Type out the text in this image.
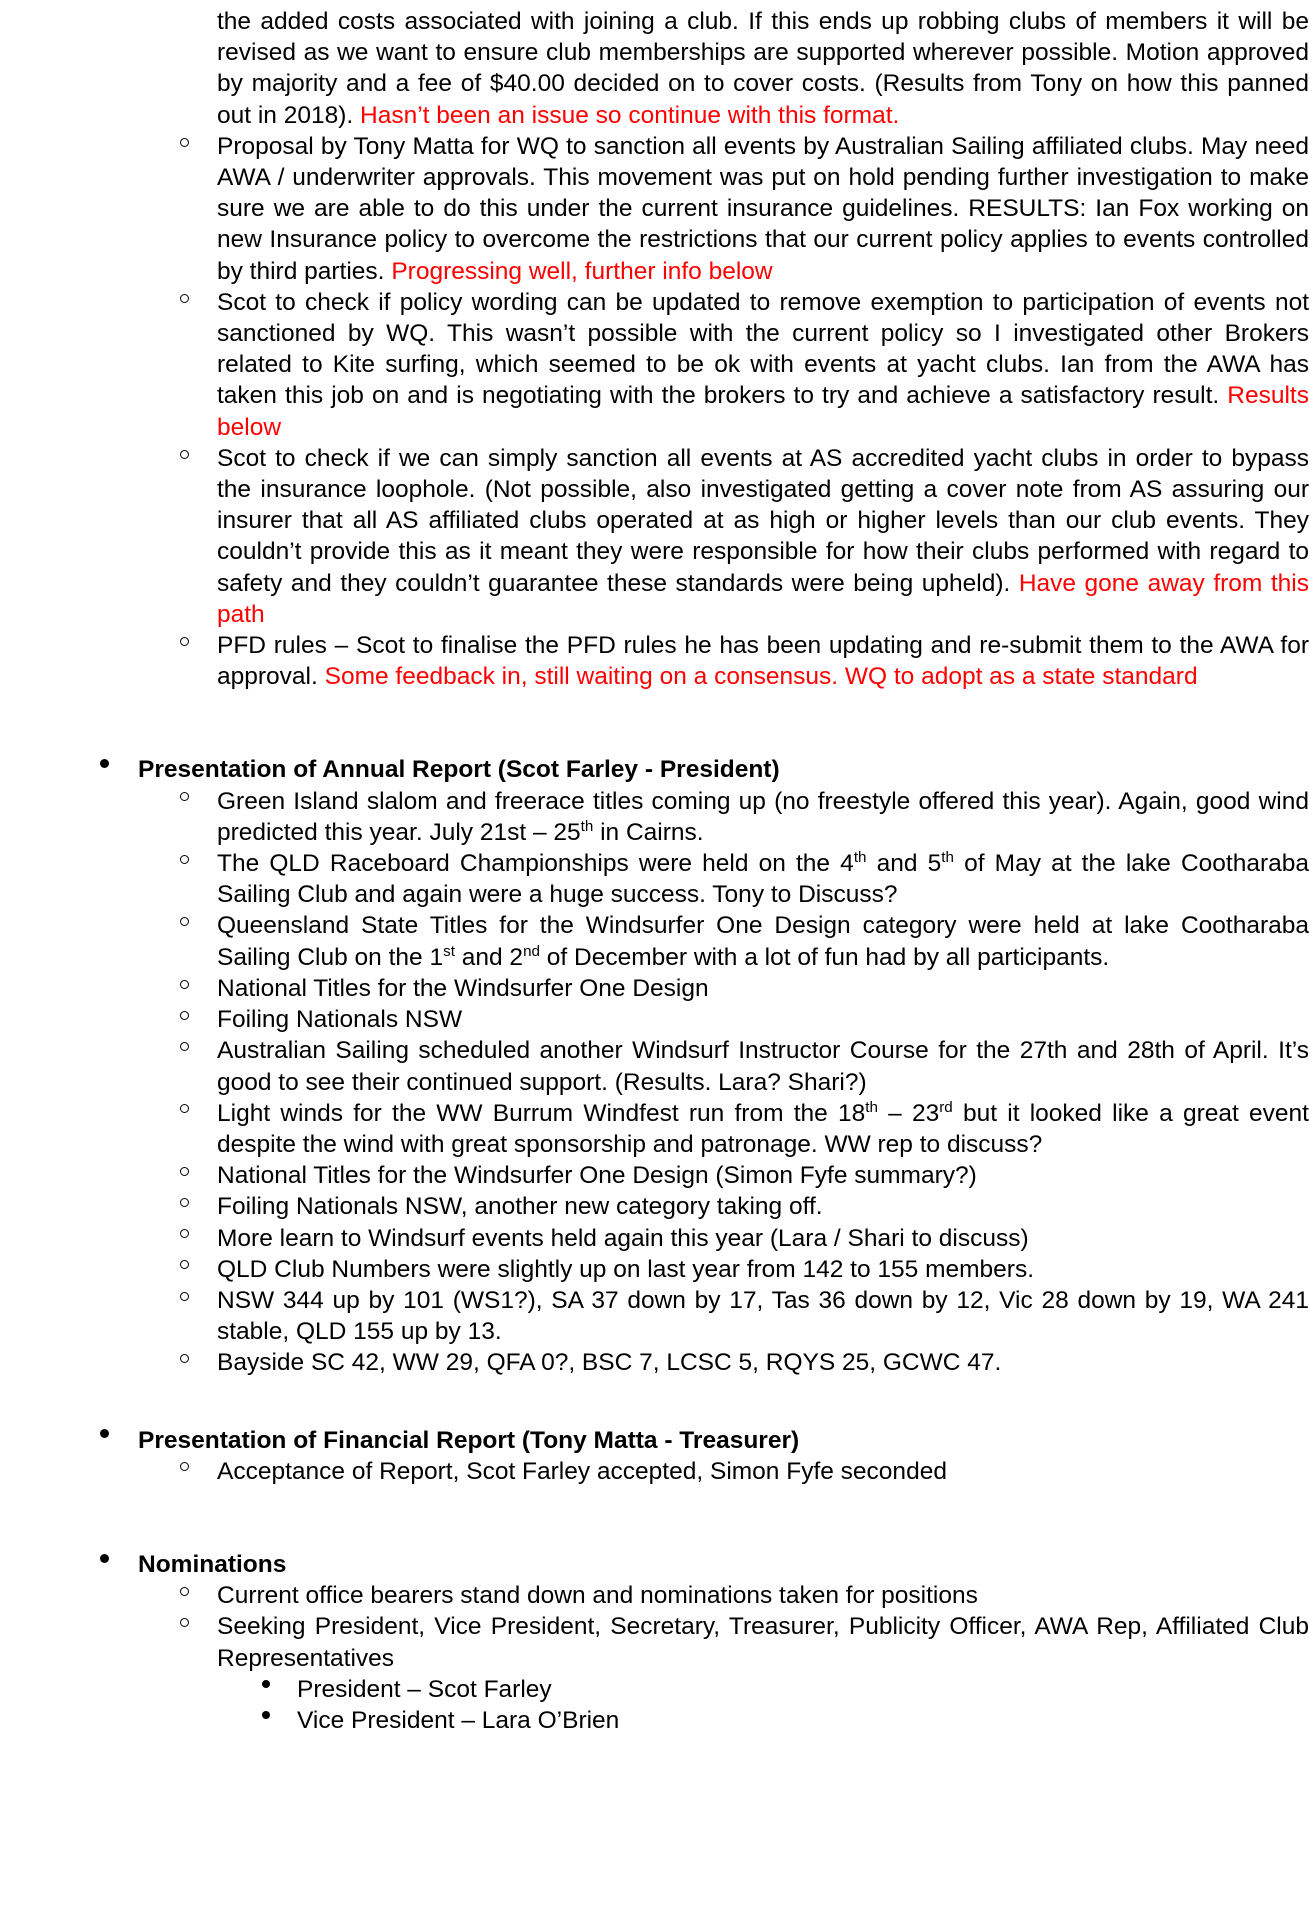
the added costs associated with joining a club. If this ends up robbing clubs of members it will be revised as we want to ensure club memberships are supported wherever possible. Motion approved by majority and a fee of $40.00 decided on to cover costs. (Results from Tony on how this panned out in 2018). Hasn’t been an issue so continue with this format.

Proposal by Tony Matta for WQ to sanction all events by Australian Sailing affiliated clubs. May need AWA / underwriter approvals. This movement was put on hold pending further investigation to make sure we are able to do this under the current insurance guidelines. RESULTS: Ian Fox working on new Insurance policy to overcome the restrictions that our current policy applies to events controlled by third parties. Progressing well, further info below

Scot to check if policy wording can be updated to remove exemption to participation of events not sanctioned by WQ. This wasn’t possible with the current policy so I investigated other Brokers related to Kite surfing, which seemed to be ok with events at yacht clubs. Ian from the AWA has taken this job on and is negotiating with the brokers to try and achieve a satisfactory result. Results below

Scot to check if we can simply sanction all events at AS accredited yacht clubs in order to bypass the insurance loophole. (Not possible, also investigated getting a cover note from AS assuring our insurer that all AS affiliated clubs operated at as high or higher levels than our club events. They couldn’t provide this as it meant they were responsible for how their clubs performed with regard to safety and they couldn’t guarantee these standards were being upheld). Have gone away from this path

PFD rules – Scot to finalise the PFD rules he has been updating and re-submit them to the AWA for approval. Some feedback in, still waiting on a consensus. WQ to adopt as a state standard

Presentation of Annual Report (Scot Farley - President)

Green Island slalom and freerace titles coming up (no freestyle offered this year). Again, good wind predicted this year. July 21st – 25th in Cairns.

The QLD Raceboard Championships were held on the 4th and 5th of May at the lake Cootharaba Sailing Club and again were a huge success. Tony to Discuss?

Queensland State Titles for the Windsurfer One Design category were held at lake Cootharaba Sailing Club on the 1st and 2nd of December with a lot of fun had by all participants.

National Titles for the Windsurfer One Design

Foiling Nationals NSW

Australian Sailing scheduled another Windsurf Instructor Course for the 27th and 28th of April. It’s good to see their continued support. (Results. Lara? Shari?)

Light winds for the WW Burrum Windfest run from the 18th – 23rd but it looked like a great event despite the wind with great sponsorship and patronage. WW rep to discuss?

National Titles for the Windsurfer One Design (Simon Fyfe summary?)

Foiling Nationals NSW, another new category taking off.

More learn to Windsurf events held again this year (Lara / Shari to discuss)

QLD Club Numbers were slightly up on last year from 142 to 155 members.

NSW 344 up by 101 (WS1?), SA 37 down by 17, Tas 36 down by 12, Vic 28 down by 19, WA 241 stable, QLD 155 up by 13.

Bayside SC 42, WW 29, QFA 0?, BSC 7, LCSC 5, RQYS 25, GCWC 47.

Presentation of Financial Report (Tony Matta - Treasurer)

Acceptance of Report, Scot Farley accepted, Simon Fyfe seconded

Nominations

Current office bearers stand down and nominations taken for positions

Seeking President, Vice President, Secretary, Treasurer, Publicity Officer, AWA Rep, Affiliated Club Representatives

President – Scot Farley

Vice President – Lara O’Brien
